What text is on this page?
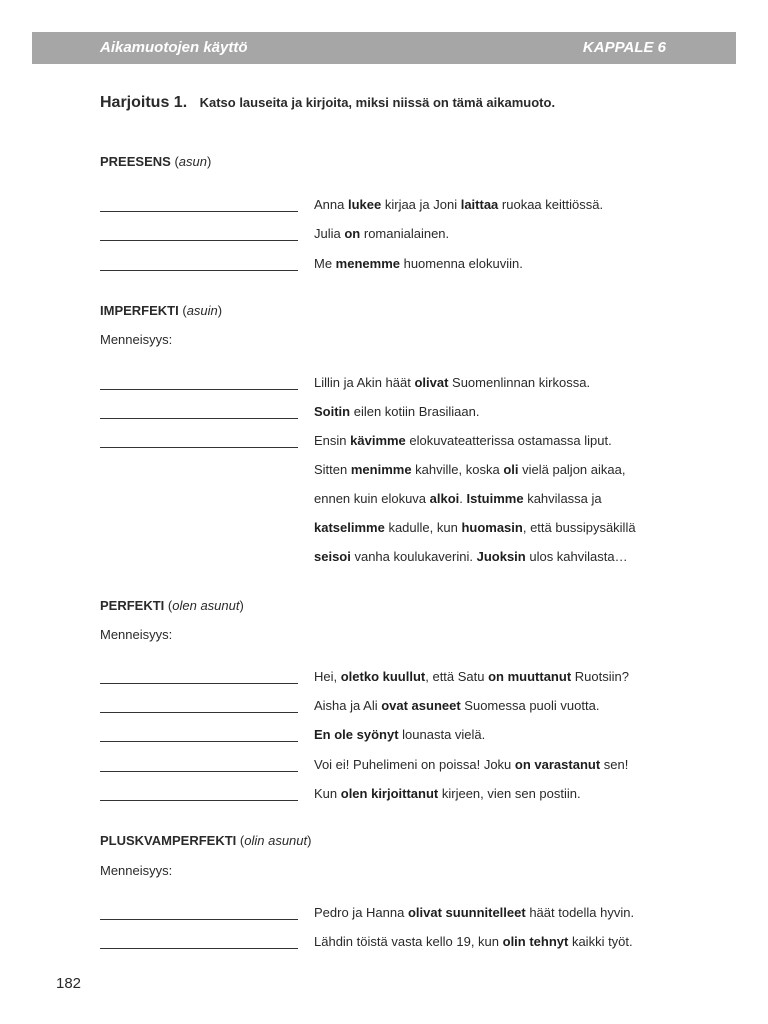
Aikamuotojen käyttö	KAPPALE 6
Harjoitus 1. Katso lauseita ja kirjoita, miksi niissä on tämä aikamuoto.
PREESENS (asun)
Anna lukee kirjaa ja Joni laittaa ruokaa keittiössä.
Julia on romanialainen.
Me menemme huomenna elokuviin.
IMPERFEKTI (asuin)
Menneisyys:
Lillin ja Akin häät olivat Suomenlinnan kirkossa.
Soitin eilen kotiin Brasiliaan.
Ensin kävimme elokuvateatterissa ostamassa liput.
Sitten menimme kahville, koska oli vielä paljon aikaa,
ennen kuin elokuva alkoi. Istuimme kahvilassa ja
katselimme kadulle, kun huomasin, että bussipysäkillä
seisoi vanha koulukaverini. Juoksin ulos kahvilasta…
PERFEKTI (olen asunut)
Menneisyys:
Hei, oletko kuullut, että Satu on muuttanut Ruotsiin?
Aisha ja Ali ovat asuneet Suomessa puoli vuotta.
En ole syönyt lounasta vielä.
Voi ei! Puhelimeni on poissa! Joku on varastanut sen!
Kun olen kirjoittanut kirjeen, vien sen postiin.
PLUSKVAMPERFEKTI (olin asunut)
Menneisyys:
Pedro ja Hanna olivat suunnitelleet häät todella hyvin.
Lähdin töistä vasta kello 19, kun olin tehnyt kaikki työt.
182
